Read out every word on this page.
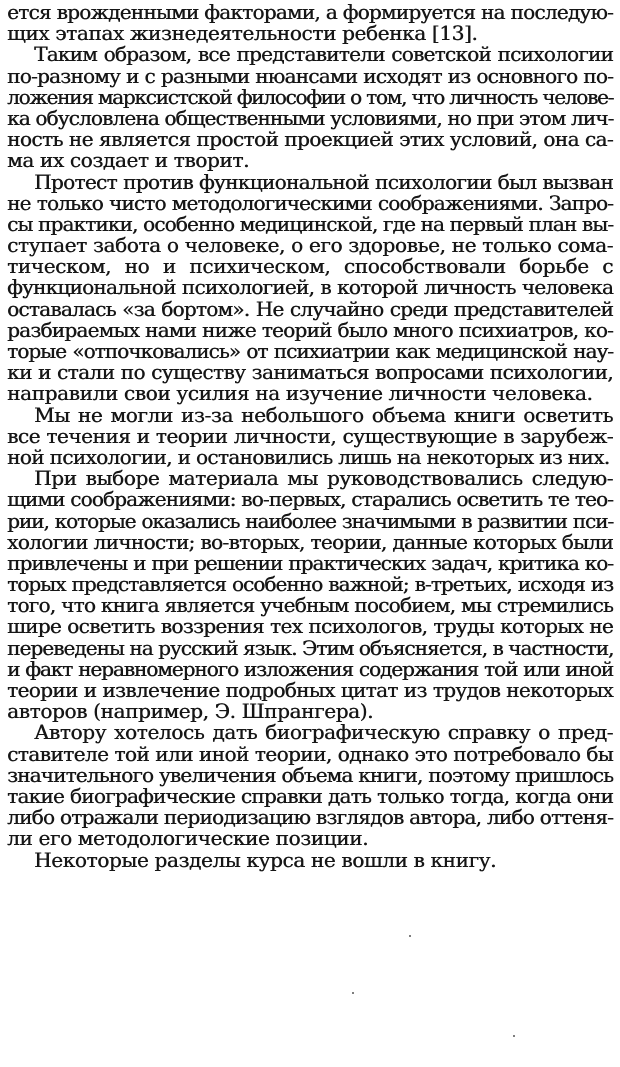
ется врожденными факторами, а формируется на последую-
щих этапах жизнедеятельности ребенка [13].

Таким образом, все представители советской психологии
по-разному и с разными нюансами исходят из основного по-
ложения марксистской философии о том, что личность челове-
ка обусловлена общественными условиями, но при этом лич-
ность не является простой проекцией этих условий, она са-
ма их создает и творит.

Протест против функциональной психологии был вызван
не только чисто методологическими соображениями. Запро-
сы практики, особенно медицинской, где на первый план вы-
ступает забота о человеке, о его здоровье, не только сома-
тическом, но и психическом, способствовали борьбе с
функциональной психологией, в которой личность человека
оставалась «за бортом». Не случайно среди представителей
разбираемых нами ниже теорий было много психиатров, ко-
торые «отпочковались» от психиатрии как медицинской нау-
ки и стали по существу заниматься вопросами психологии,
направили свои усилия на изучение личности человека.

Мы не могли из-за небольшого объема книги осветить
все течения и теории личности, существующие в зарубеж-
ной психологии, и остановились лишь на некоторых из них.

При выборе материала мы руководствовались следую-
щими соображениями: во-первых, старались осветить те тео-
рии, которые оказались наиболее значимыми в развитии пси-
хологии личности; во-вторых, теории, данные которых были
привлечены и при решении практических задач, критика ко-
торых представляется особенно важной; в-третьих, исходя из
того, что книга является учебным пособием, мы стремились
шире осветить воззрения тех психологов, труды которых не
переведены на русский язык. Этим объясняется, в частности,
и факт неравномерного изложения содержания той или иной
теории и извлечение подробных цитат из трудов некоторых
авторов (например, Э. Шпрангера).

Автору хотелось дать биографическую справку о пред-
ставителе той или иной теории, однако это потребовало бы
значительного увеличения объема книги, поэтому пришлось
такие биографические справки дать только тогда, когда они
либо отражали периодизацию взглядов автора, либо оттеня-
ли его методологические позиции.

Некоторые разделы курса не вошли в книгу.
